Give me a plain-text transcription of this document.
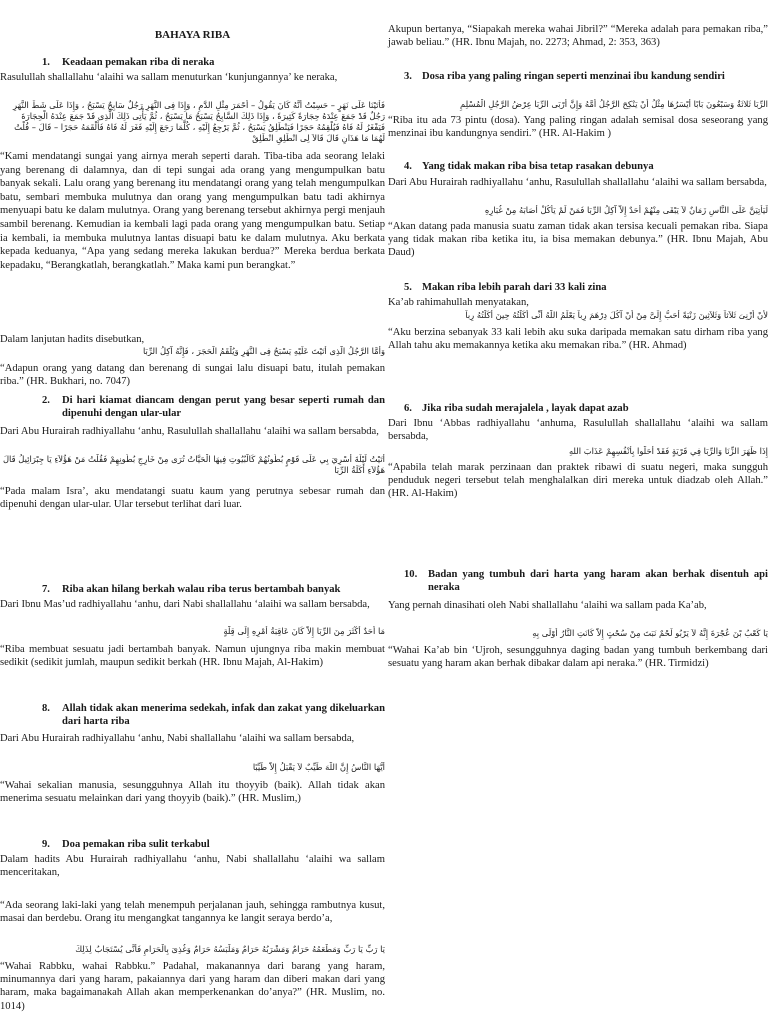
BAHAYA RIBA
1.	Keadaan pemakan riba di neraka
Rasulullah shallallahu ‘alaihi wa sallam menuturkan ‘kunjungannya’ ke neraka,
فَأَتَيْنَا عَلَى نَهَرٍ – حَسِبْتُ أَنَّهُ كَانَ يَقُولُ – أَحْمَرَ مِثْلِ الدَّمِ ، وَإِذَا فِى النَّهَرِ رَجُلٌ سَابِحٌ يَسْبَحُ ، وَإِذَا عَلَى شَطِّ النَّهَرِ رَجُلٌ قَدْ جَمَعَ عِنْدَهُ حِجَارَةً كَثِيرَةً ، وَإِذَا ذَلِكَ السَّابِحُ يَسْبَحُ مَا يَسْبَحُ ، ثُمَّ يَأْتِى ذَلِكَ الَّذِى قَدْ جَمَعَ عِنْدَهُ الْحِجَارَةَ فَيَفْغَرُ لَهُ فَاهُ فَيُلْقِمُهُ حَجَرًا فَيَنْطَلِقُ يَسْبَحُ ، ثُمَّ يَرْجِعُ إِلَيْهِ ، كُلَّمَا رَجَعَ إِلَيْهِ فَغَرَ لَهُ فَاهُ فَأَلْقَمَهُ حَجَرًا – قَالَ – قُلْتُ لَهُمَا مَا هَذَانِ قَالَ قَالاَ لِى انْطَلِقِ انْطَلِقْ
“Kami mendatangi sungai yang airnya merah seperti darah. Tiba-tiba ada seorang lelaki yang berenang di dalamnya, dan di tepi sungai ada orang yang mengumpulkan batu banyak sekali. Lalu orang yang berenang itu mendatangi orang yang telah mengumpulkan batu, sembari membuka mulutnya dan orang yang mengumpulkan batu tadi akhirnya menyuapi batu ke dalam mulutnya. Orang yang berenang tersebut akhirnya pergi menjauh sambil berenang. Kemudian ia kembali lagi pada orang yang mengumpulkan batu. Setiap ia kembali, ia membuka mulutnya lantas disuapi batu ke dalam mulutnya. Aku berkata kepada keduanya, “Apa yang sedang mereka lakukan berdua?” Mereka berdua berkata kepadaku, “Berangkatlah, berangkatlah.” Maka kami pun berangkat.”
Dalam lanjutan hadits disebutkan,
وَأَمَّا الرَّجُلُ الَّذِى أَتَيْتَ عَلَيْهِ يَسْبَحُ فِى النَّهَرِ وَيُلْقَمُ الْحَجَرَ ، فَإِنَّهُ آكِلُ الرِّبَا
“Adapun orang yang datang dan berenang di sungai lalu disuapi batu, itulah pemakan riba.” (HR. Bukhari, no. 7047)
2.	Di hari kiamat diancam dengan perut yang besar seperti rumah dan dipenuhi dengan ular-ular
Dari Abu Hurairah radhiyallahu ‘anhu, Rasulullah shallallahu ‘alaihi wa sallam bersabda,
أَتَيْتُ لَيْلَةَ أُسْرِيَ بِي عَلَى قَوْمٍ بُطُونُهُمْ كَالْبُيُوتِ فِيهَا الْحَيَّاتُ تُرَى مِنْ خَارِجِ بُطُونِهِمْ فَقُلْتُ مَنْ هَؤُلاَءِ يَا جِبْرَائِيلُ قَالَ هَؤُلاَءِ أَكَلَةُ الرِّبَا
“Pada malam Isra’, aku mendatangi suatu kaum yang perutnya sebesar rumah dan dipenuhi dengan ular-ular. Ular tersebut terlihat dari luar.
7.	Riba akan hilang berkah walau riba terus bertambah banyak
Dari Ibnu Mas’ud radhiyallahu ‘anhu, dari Nabi shallallahu ‘alaihi wa sallam bersabda,
مَا أَحَدٌ أَكْثَرَ مِنَ الرِّبَا إِلاَّ كَانَ عَاقِبَةُ أَمْرِهِ إِلَى قِلَّةٍ
“Riba membuat sesuatu jadi bertambah banyak. Namun ujungnya riba makin membuat sedikit (sedikit jumlah, maupun sedikit berkah (HR. Ibnu Majah, Al-Hakim)
8.	Allah tidak akan menerima sedekah, infak dan zakat yang dikeluarkan dari harta riba
Dari Abu Hurairah radhiyallahu ‘anhu, Nabi shallallahu ‘alaihi wa sallam bersabda,
أَيُّهَا النَّاسُ إِنَّ اللَّهَ طَيِّبٌ لاَ يَقْبَلُ إِلاَّ طَيِّبًا
“Wahai sekalian manusia, sesungguhnya Allah itu thoyyib (baik). Allah tidak akan menerima sesuatu melainkan dari yang thoyyib (baik).” (HR. Muslim,)
9.	Doa pemakan riba sulit terkabul
Dalam hadits Abu Hurairah radhiyallahu ‘anhu, Nabi shallallahu ‘alaihi wa sallam menceritakan,
“Ada seorang laki-laki yang telah menempuh perjalanan jauh, sehingga rambutnya kusut, masai dan berdebu. Orang itu mengangkat tangannya ke langit seraya berdo’a,
يَا رَبِّ يَا رَبِّ وَمَطْعَمُهُ حَرَامٌ وَمَشْرَبُهُ حَرَامٌ وَمَلْبَسُهُ حَرَامٌ وَغُذِىَ بِالْحَرَامِ فَأَنَّى يُسْتَجَابُ لِذَلِكَ
“Wahai Rabbku, wahai Rabbku.” Padahal, makanannya dari barang yang haram, minumannya dari yang haram, pakaiannya dari yang haram dan diberi makan dari yang haram, maka bagaimanakah Allah akan memperkenankan do’anya?” (HR. Muslim, no. 1014)
Akupun bertanya, “Siapakah mereka wahai Jibril?” “Mereka adalah para pemakan riba,” jawab beliau.” (HR. Ibnu Majah, no. 2273; Ahmad, 2: 353, 363)
3. Dosa riba yang paling ringan seperti menzinai ibu kandung sendiri
الرِّبَا ثَلاثَةٌ وَسَبْعُونَ بَابًا أَيْسَرُهَا مِثْلُ أَنْ يَنْكِحَ الرَّجُلُ أُمَّهُ وَإِنَّ أَرْبَى الرِّبَا عِرْضُ الرَّجُلِ الْمُسْلِمِ
“Riba itu ada 73 pintu (dosa). Yang paling ringan adalah semisal dosa seseorang yang menzinai ibu kandungnya sendiri.” (HR. Al-Hakim )
4. Yang tidak makan riba bisa tetap rasakan debunya
Dari Abu Hurairah radhiyallahu ‘anhu, Rasulullah shallallahu ‘alaihi wa sallam bersabda,
لَيَأْتِيَنَّ عَلَى النَّاسِ زَمَانٌ لاَ يَبْقَى مِنْهُمْ أَحَدٌ إِلاَّ آكِلُ الرِّبَا فَمَنْ لَمْ يَأْكُلْ أَصَابَهُ مِنْ غُبَارِهِ
“Akan datang pada manusia suatu zaman tidak akan tersisa kecuali pemakan riba. Siapa yang tidak makan riba ketika itu, ia bisa memakan debunya.” (HR. Ibnu Majah, Abu Daud)
5. Makan riba lebih parah dari 33 kali zina
Ka’ab rahimahullah menyatakan,
لأَنْ أَزْنِىَ ثَلاَثاً وَثَلاَثِينَ زَنْيَةً أَحَبُّ إِلَىَّ مِنْ أَنْ آكُلَ دِرْهَمَ رِباً يَعْلَمُ اللَّهُ أَنِّى أَكَلْتُهُ حِينَ أَكَلْتُهُ رِباً
“Aku berzina sebanyak 33 kali lebih aku suka daripada memakan satu dirham riba yang Allah tahu aku memakannya ketika aku memakan riba.” (HR. Ahmad)
6. Jika riba sudah merajalela , layak dapat azab
Dari Ibnu ‘Abbas radhiyallahu ‘anhuma, Rasulullah shallallahu ‘alaihi wa sallam bersabda,
إِذَا ظَهَرَ الزِّنَا وَالرِّبَا فِي قَرْيَةٍ فَقَدْ أَحَلُّوا بِأَنْفُسِهِمْ عَذَابَ اللهِ
“Apabila telah marak perzinaan dan praktek ribawi di suatu negeri, maka sungguh penduduk negeri tersebut telah menghalalkan diri mereka untuk diadzab oleh Allah.” (HR. Al-Hakim)
10.	Badan yang tumbuh dari harta yang haram akan berhak disentuh api neraka
Yang pernah dinasihati oleh Nabi shallallahu ‘alaihi wa sallam pada Ka’ab,
يَا كَعْبُ بْنَ عُجْرَةَ إِنَّهُ لاَ يَرْبُو لَحْمٌ نَبَتَ مِنْ سُحْتٍ إِلاَّ كَانَتِ النَّارُ أَوْلَى بِهِ
“Wahai Ka’ab bin ‘Ujroh, sesungguhnya daging badan yang tumbuh berkembang dari sesuatu yang haram akan berhak dibakar dalam api neraka.” (HR. Tirmidzi)
